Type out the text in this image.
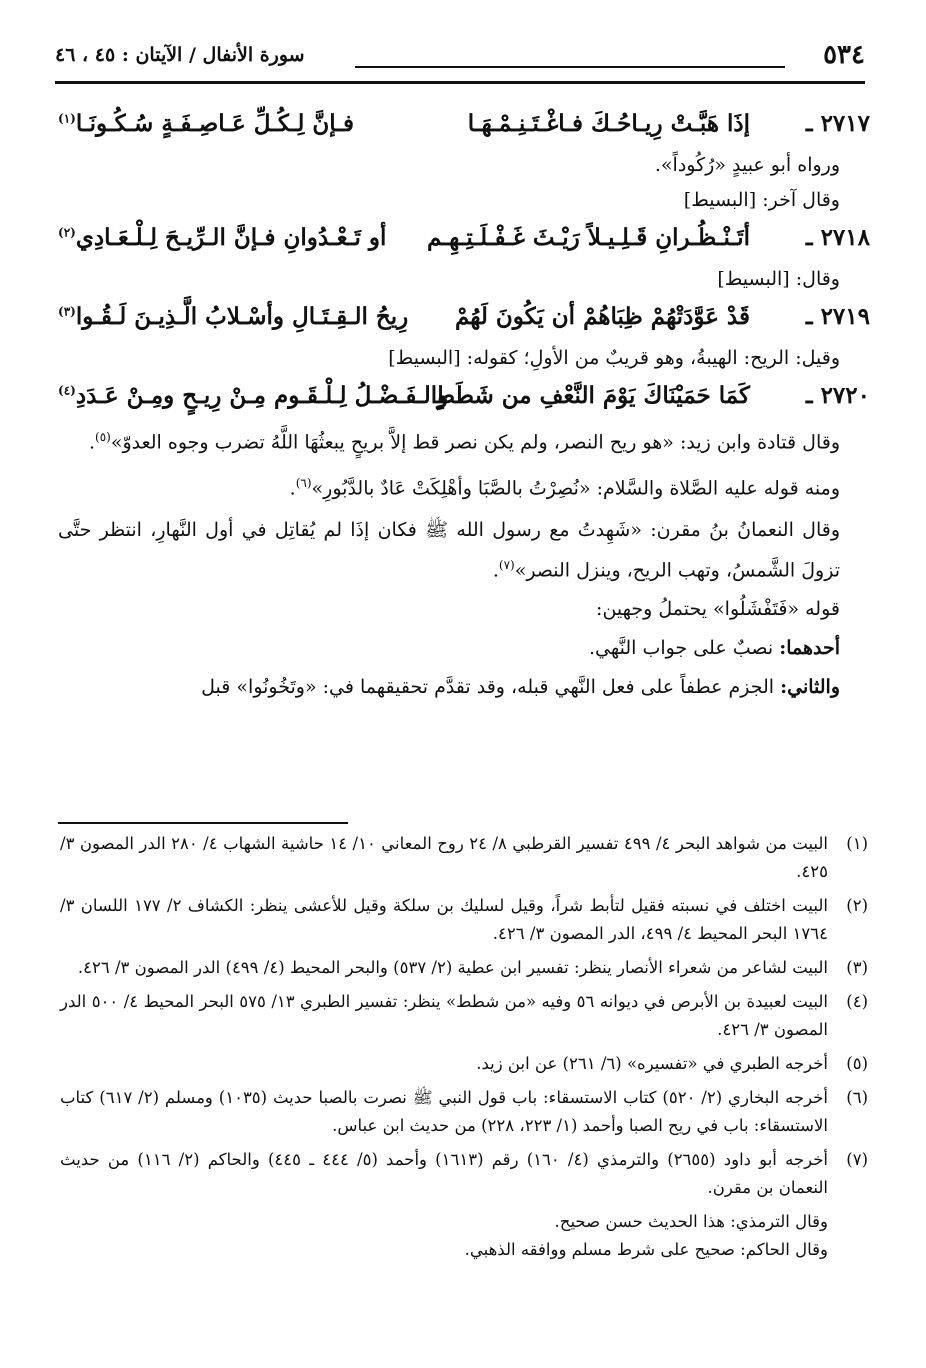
٥٣٤
سورة الأنفال / الآيتان : ٤٥ ، ٤٦
٢٧١٧ ـ
إذَا هَبَّـتْ رِيـاحُـكَ فـاغْـتَـنِـمْـهَـا
فـإنَّ لِـكُـلِّ عَـاصِـفَـةٍ سُـكُـونَـا$^{(١)}$
ورواه أبو عبيدٍ «رُكُوداً».
وقال آخر: [البسيط]
٢٧١٨ ـ
أتَـنْـظُـرانِ قَـلِـيـلاً رَيْـثَ غَـفْـلَـتِـهِـم
أو تَـعْـدُوانِ فـإنَّ الـرِّيـحَ لِـلْـعَـادِي$^{(٢)}$
وقال: [البسيط]
٢٧١٩ ـ
قَدْ عَوَّدَتْهُمْ ظِبَاهُمْ أن يَكُونَ لَهُمْ
رِيحُ الـقِـتَـالِ وأسْـلابُ الَّـذِيـنَ لَـقُـوا$^{(٣)}$
وقيل: الريح: الهيبةُ، وهو قريبٌ من الأولِ؛ كقوله: [البسيط]
٢٧٢٠ ـ
كَمَا حَمَيْنَاكَ يَوْمَ النَّعْفِ من شَطَطٍ
والـفَـضْـلُ لِـلْـقَـوم مِـنْ رِيـحٍ ومِـنْ عَـدَدِ$^{(٤)}$
وقال قتادة وابن زيد: «هو ريح النصر، ولم يكن نصر قط إلاَّ بريحٍ يبعثُهَا اللَّهُ تضرب وجوه العدوّ»$^{(٥)}$.
ومنه قوله عليه الصَّلاة والسَّلام: «نُصِرْتُ بالصَّبَا وأهْلِكَتْ عَادٌ بالدَّبُورِ»$^{(٦)}$.
وقال النعمانُ بنُ مقرن: «شَهِدتُ مع رسول الله ﷺ فكان إذَا لم يُقاتِل في أول النَّهارِ، انتظر حتَّى تزولَ الشَّمسُ، وتهب الريح، وينزل النصر»$^{(٧)}$.
قوله «فَتَفْشَلُوا» يحتملُ وجهين:
أحدهما: نصبٌ على جواب النَّهي.
والثاني: الجزم عطفاً على فعل النَّهي قبله، وقد تقدَّم تحقيقهما في: «وتَخُونُوا» قبل
(١)
البيت من شواهد البحر ٤/ ٤٩٩ تفسير القرطبي ٨/ ٢٤ روح المعاني ١٠/ ١٤ حاشية الشهاب ٤/ ٢٨٠ الدر المصون ٣/ ٤٢٥.
(٢)
البيت اختلف في نسبته فقيل لتأبط شراً، وقيل لسليك بن سلكة وقيل للأعشى ينظر: الكشاف ٢/ ١٧٧ اللسان ٣/ ١٧٦٤ البحر المحيط ٤/ ٤٩٩، الدر المصون ٣/ ٤٢٦.
(٣)
البيت لشاعر من شعراء الأنصار ينظر: تفسير ابن عطية (٢/ ٥٣٧) والبحر المحيط (٤/ ٤٩٩) الدر المصون ٣/ ٤٢٦.
(٤)
البيت لعبيدة بن الأبرص في ديوانه ٥٦ وفيه «من شطط» ينظر: تفسير الطبري ١٣/ ٥٧٥ البحر المحيط ٤/ ٥٠٠ الدر المصون ٣/ ٤٢٦.
(٥)
أخرجه الطبري في «تفسيره» (٦/ ٢٦١) عن ابن زيد.
(٦)
أخرجه البخاري (٢/ ٥٢٠) كتاب الاستسقاء: باب قول النبي ﷺ نصرت بالصبا حديث (١٠٣٥) ومسلم (٢/ ٦١٧) كتاب الاستسقاء: باب في ريح الصبا وأحمد (١/ ٢٢٣، ٢٢٨) من حديث ابن عباس.
(٧)
أخرجه أبو داود (٢٦٥٥) والترمذي (٤/ ١٦٠) رقم (١٦١٣) وأحمد (٥/ ٤٤٤ ـ ٤٤٥) والحاكم (٢/ ١١٦) من حديث النعمان بن مقرن.
وقال الترمذي: هذا الحديث حسن صحيح.
وقال الحاكم: صحيح على شرط مسلم ووافقه الذهبي.
